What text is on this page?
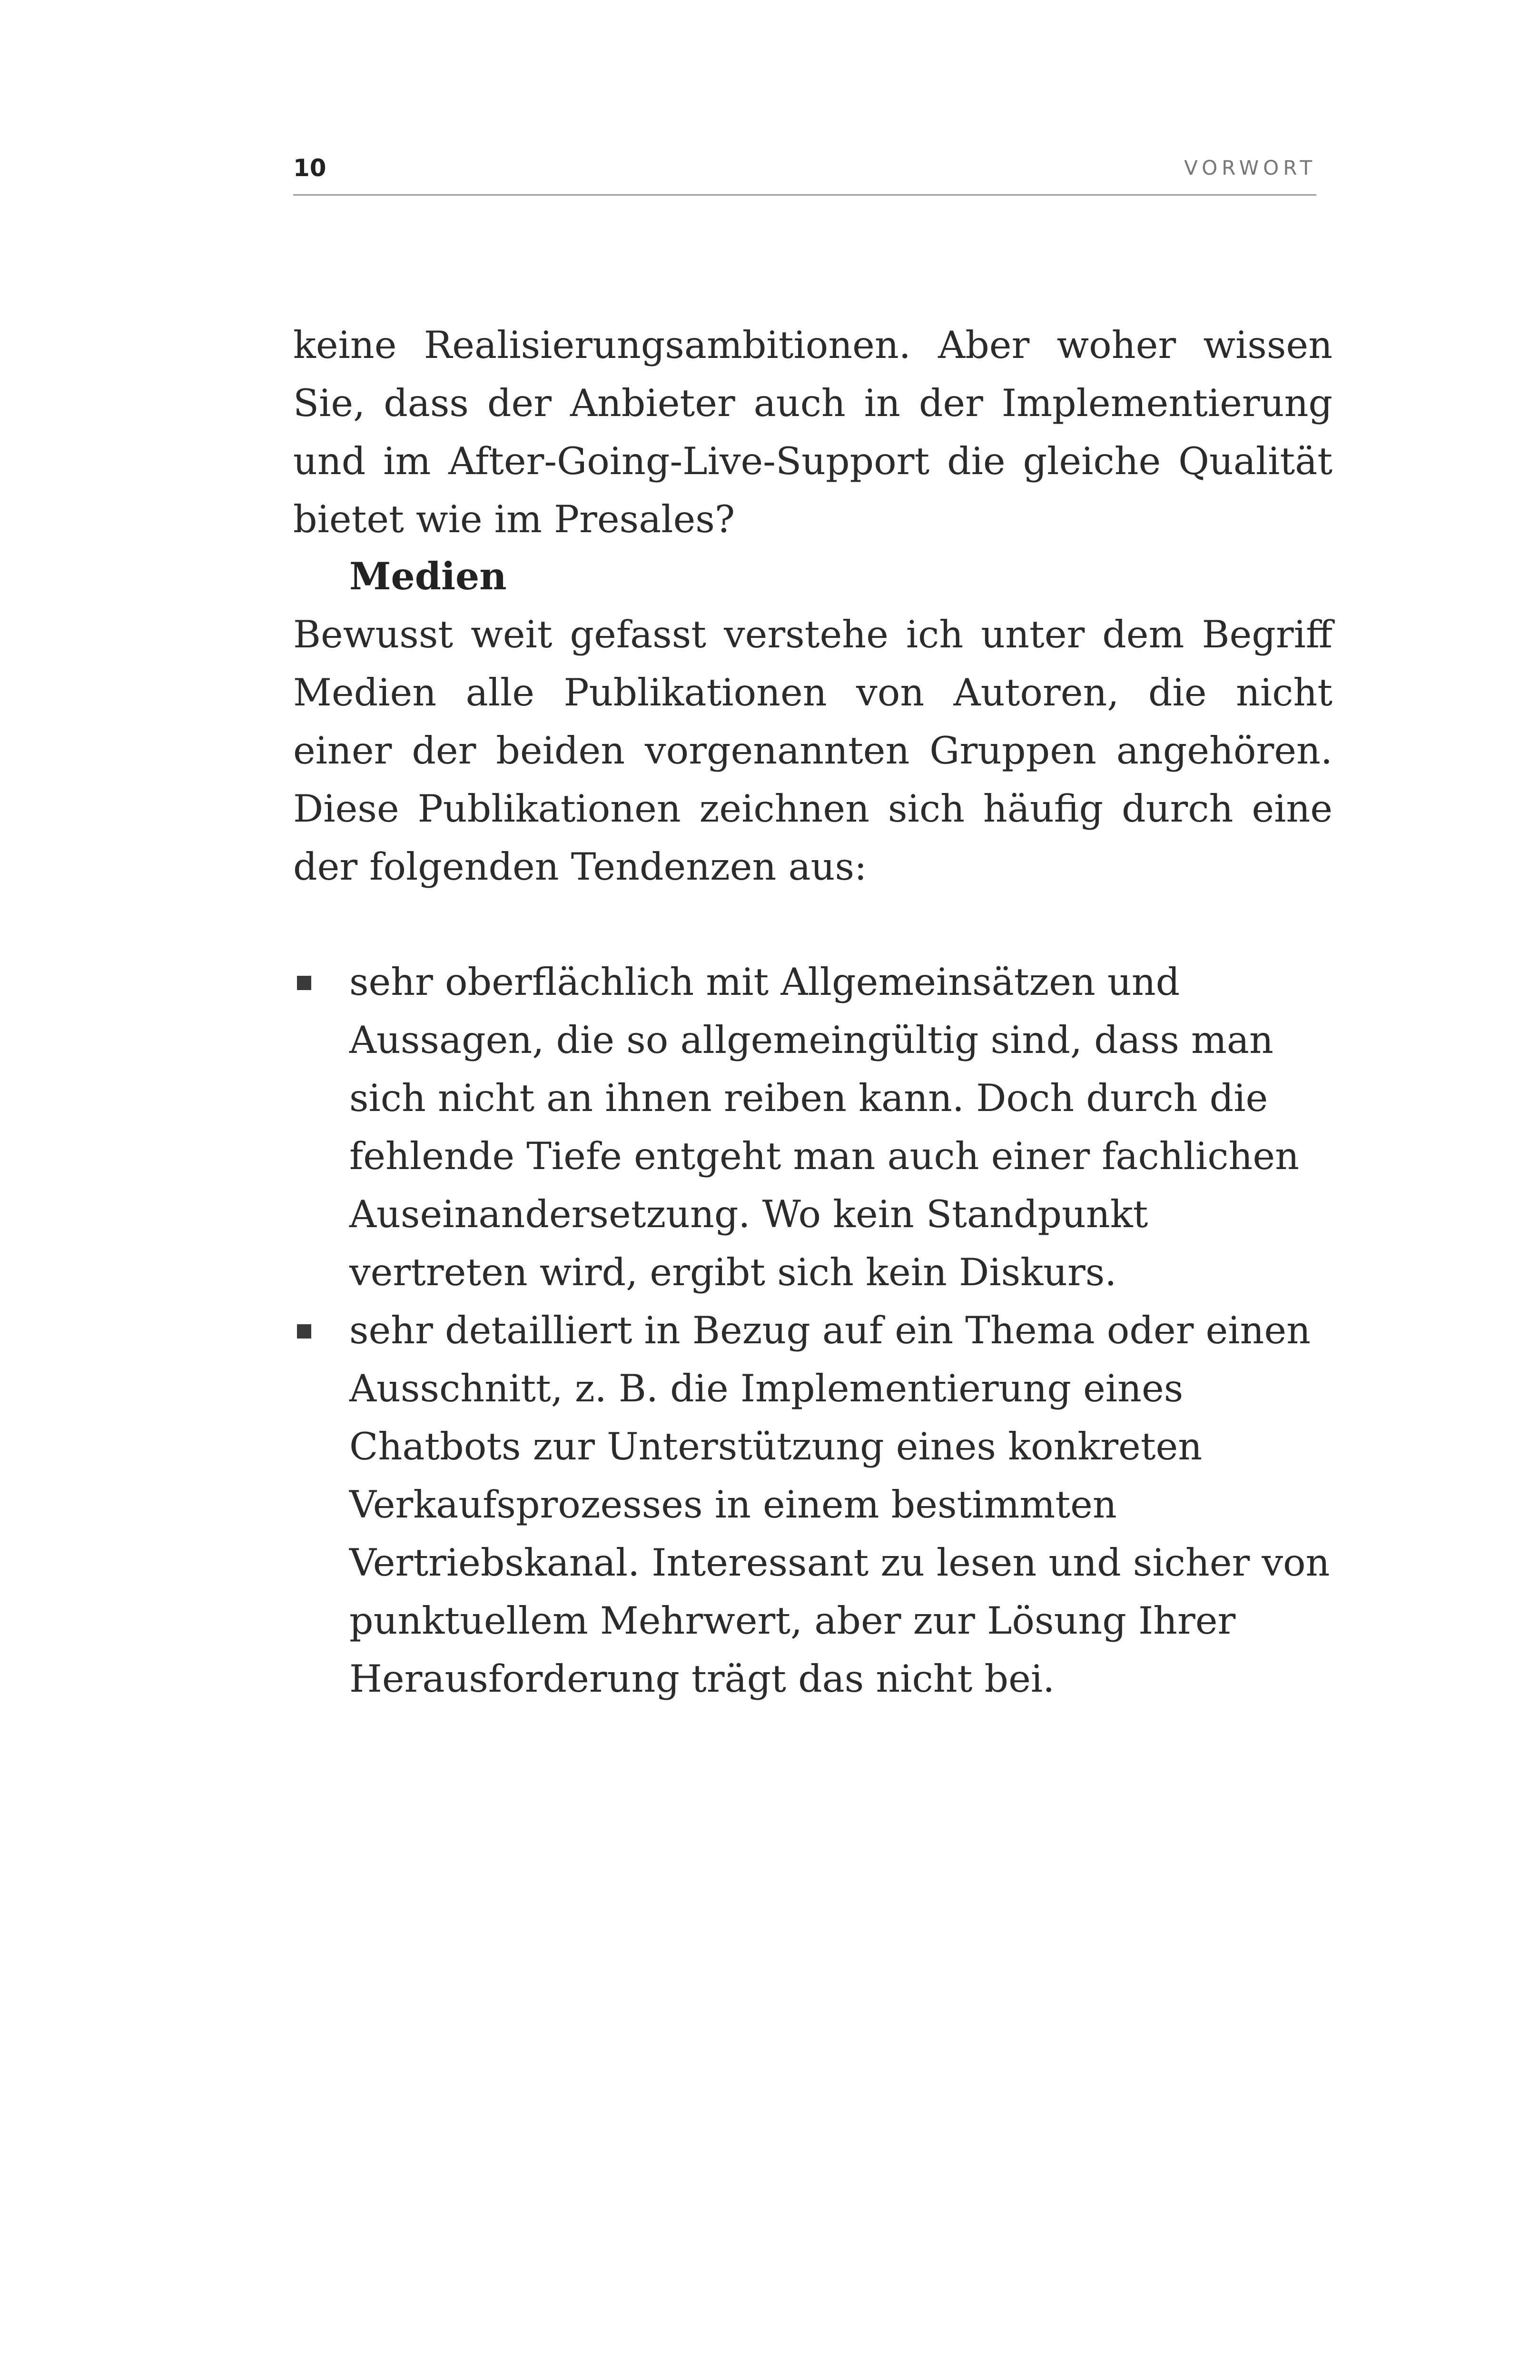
10	VORWORT

keine Realisierungsambitionen. Aber woher wissen Sie, dass der Anbieter auch in der Implementierung und im After-Going-Live-Support die gleiche Qualität bietet wie im Presales?

Medien

Bewusst weit gefasst verstehe ich unter dem Begriff Medien alle Publikationen von Autoren, die nicht einer der beiden vorgenannten Gruppen angehören. Diese Publikationen zeichnen sich häufig durch eine der folgenden Tendenzen aus:

sehr oberflächlich mit Allgemeinsätzen und Aussagen, die so allgemeingültig sind, dass man sich nicht an ihnen reiben kann. Doch durch die fehlende Tiefe entgeht man auch einer fachlichen Auseinandersetzung. Wo kein Standpunkt vertreten wird, ergibt sich kein Diskurs.
sehr detailliert in Bezug auf ein Thema oder einen Ausschnitt, z. B. die Implementierung eines Chatbots zur Unterstützung eines konkreten Verkaufsprozesses in einem bestimmten Vertriebskanal. Interessant zu lesen und sicher von punktuellem Mehrwert, aber zur Lösung Ihrer Herausforderung trägt das nicht bei.
